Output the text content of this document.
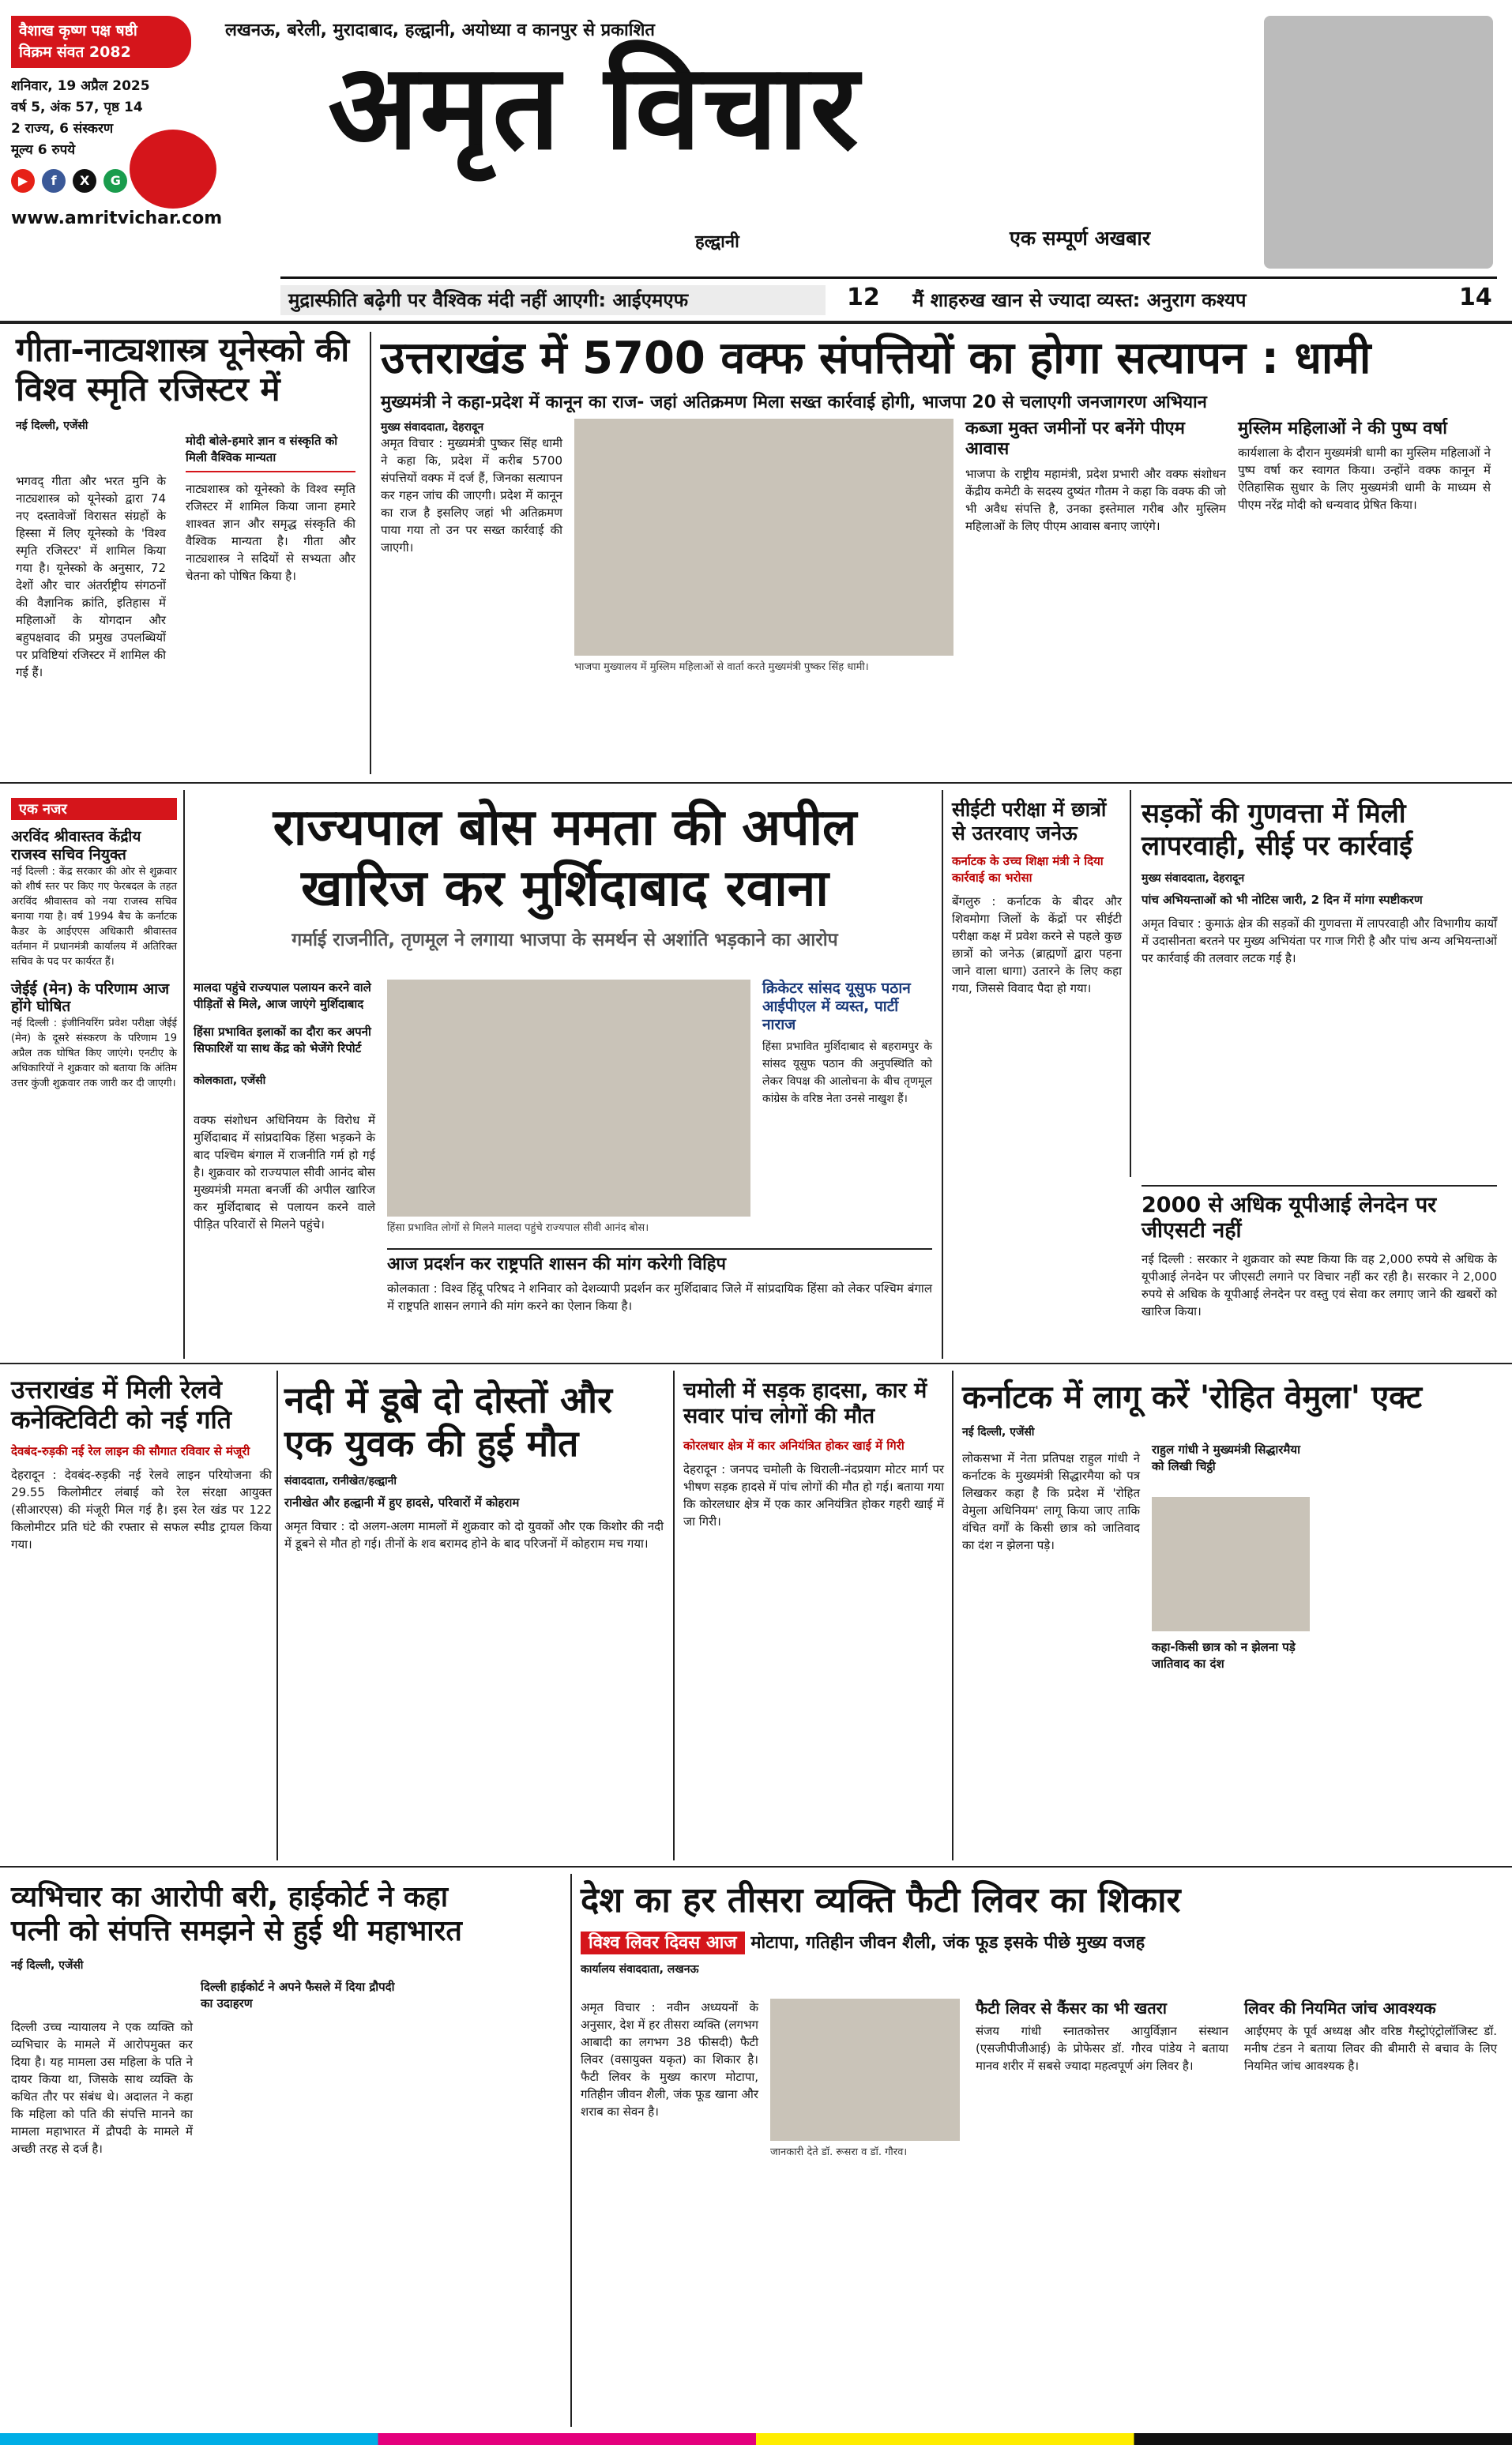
वैशाख कृष्ण पक्ष षष्ठी
विक्रम संवत 2082
शनिवार, 19 अप्रैल 2025
वर्ष 5, अंक 57, पृष्ठ 14
2 राज्य, 6 संस्करण
मूल्य 6 रुपये
▶ f X G
www.amritvichar.com
लखनऊ, बरेली, मुरादाबाद, हल्द्वानी, अयोध्या व कानपुर से प्रकाशित
अमृत विचार
हल्द्वानी	एक सम्पूर्ण अखबार
मुद्रास्फीति बढ़ेगी पर वैश्विक मंदी नहीं आएगी: आईएमएफ	12	मैं शाहरुख खान से ज्यादा व्यस्त: अनुराग कश्यप	14
गीता-नाट्यशास्त्र यूनेस्को की विश्व स्मृति रजिस्टर में
नई दिल्ली, एजेंसी
भगवद् गीता और भरत मुनि के नाट्यशास्त्र को यूनेस्को द्वारा 74 नए दस्तावेजों विरासत संग्रहों के हिस्सा में लिए यूनेस्को के 'विश्व स्मृति रजिस्टर' में शामिल किया गया है। यूनेस्को के अनुसार, 72 देशों और चार अंतर्राष्ट्रीय संगठनों की वैज्ञानिक क्रांति, इतिहास में महिलाओं के योगदान और बहुपक्षवाद की प्रमुख उपलब्धियों पर प्रविष्टियां रजिस्टर में शामिल की गई हैं।
मोदी बोले-हमारे ज्ञान व संस्कृति को मिली वैश्विक मान्यता
नाट्यशास्त्र को यूनेस्को के विश्व स्मृति रजिस्टर में शामिल किया जाना हमारे शाश्वत ज्ञान और समृद्ध संस्कृति की वैश्विक मान्यता है। गीता और नाट्यशास्त्र ने सदियों से सभ्यता और चेतना को पोषित किया है।
उत्तराखंड में 5700 वक्फ संपत्तियों का होगा सत्यापन : धामी
मुख्यमंत्री ने कहा-प्रदेश में कानून का राज- जहां अतिक्रमण मिला सख्त कार्रवाई होगी, भाजपा 20 से चलाएगी जनजागरण अभियान
मुख्य संवाददाता, देहरादून
अमृत विचार : मुख्यमंत्री पुष्कर सिंह धामी ने कहा कि, प्रदेश में करीब 5700 संपत्तियों वक्फ में दर्ज हैं, जिनका सत्यापन कर गहन जांच की जाएगी। प्रदेश में कानून का राज है इसलिए जहां भी अतिक्रमण पाया गया तो उन पर सख्त कार्रवाई की जाएगी।
भाजपा मुख्यालय में मुस्लिम महिलाओं से वार्ता करते मुख्यमंत्री पुष्कर सिंह धामी।
कब्जा मुक्त जमीनों पर बनेंगे पीएम आवास
भाजपा के राष्ट्रीय महामंत्री, प्रदेश प्रभारी और वक्फ संशोधन केंद्रीय कमेटी के सदस्य दुष्यंत गौतम ने कहा कि वक्फ की जो भी अवैध संपत्ति है, उनका इस्तेमाल गरीब और मुस्लिम महिलाओं के लिए पीएम आवास बनाए जाएंगे।
मुस्लिम महिलाओं ने की पुष्प वर्षा
कार्यशाला के दौरान मुख्यमंत्री धामी का मुस्लिम महिलाओं ने पुष्प वर्षा कर स्वागत किया। उन्होंने वक्फ कानून में ऐतिहासिक सुधार के लिए मुख्यमंत्री धामी के माध्यम से पीएम नरेंद्र मोदी को धन्यवाद प्रेषित किया।
एक नजर
अरविंद श्रीवास्तव केंद्रीय राजस्व सचिव नियुक्त
नई दिल्ली : केंद्र सरकार की ओर से शुक्रवार को शीर्ष स्तर पर किए गए फेरबदल के तहत अरविंद श्रीवास्तव को नया राजस्व सचिव बनाया गया है। वर्ष 1994 बैच के कर्नाटक कैडर के आईएएस अधिकारी श्रीवास्तव वर्तमान में प्रधानमंत्री कार्यालय में अतिरिक्त सचिव के पद पर कार्यरत हैं।
जेईई (मेन) के परिणाम आज होंगे घोषित
नई दिल्ली : इंजीनियरिंग प्रवेश परीक्षा जेईई (मेन) के दूसरे संस्करण के परिणाम 19 अप्रैल तक घोषित किए जाएंगे। एनटीए के अधिकारियों ने शुक्रवार को बताया कि अंतिम उत्तर कुंजी शुक्रवार तक जारी कर दी जाएगी।
राज्यपाल बोस ममता की अपील
खारिज कर मुर्शिदाबाद रवाना
गर्माई राजनीति, तृणमूल ने लगाया भाजपा के समर्थन से अशांति भड़काने का आरोप
मालदा पहुंचे राज्यपाल पलायन करने वाले पीड़ितों से मिले, आज जाएंगे मुर्शिदाबाद
हिंसा प्रभावित इलाकों का दौरा कर अपनी सिफारिशें या साथ केंद्र को भेजेंगे रिपोर्ट
कोलकाता, एजेंसी
वक्फ संशोधन अधिनियम के विरोध में मुर्शिदाबाद में सांप्रदायिक हिंसा भड़कने के बाद पश्चिम बंगाल में राजनीति गर्म हो गई है। शुक्रवार को राज्यपाल सीवी आनंद बोस मुख्यमंत्री ममता बनर्जी की अपील खारिज कर मुर्शिदाबाद से पलायन करने वाले पीड़ित परिवारों से मिलने पहुंचे।	हिंसा प्रभावित लोगों से मिलने मालदा पहुंचे राज्यपाल सीवी आनंद बोस।
क्रिकेटर सांसद यूसुफ पठान आईपीएल में व्यस्त, पार्टी नाराज
हिंसा प्रभावित मुर्शिदाबाद से बहरामपुर के सांसद यूसुफ पठान की अनुपस्थिति को लेकर विपक्ष की आलोचना के बीच तृणमूल कांग्रेस के वरिष्ठ नेता उनसे नाखुश हैं।
आज प्रदर्शन कर राष्ट्रपति शासन की मांग करेगी विहिप
कोलकाता : विश्व हिंदू परिषद ने शनिवार को देशव्यापी प्रदर्शन कर मुर्शिदाबाद जिले में सांप्रदायिक हिंसा को लेकर पश्चिम बंगाल में राष्ट्रपति शासन लगाने की मांग करने का ऐलान किया है।
सीईटी परीक्षा में छात्रों से उतरवाए जनेऊ
कर्नाटक के उच्च शिक्षा मंत्री ने दिया कार्रवाई का भरोसा
बेंगलुरु : कर्नाटक के बीदर और शिवमोगा जिलों के केंद्रों पर सीईटी परीक्षा कक्ष में प्रवेश करने से पहले कुछ छात्रों को जनेऊ (ब्राह्मणों द्वारा पहना जाने वाला धागा) उतारने के लिए कहा गया, जिससे विवाद पैदा हो गया।
सड़कों की गुणवत्ता में मिली लापरवाही, सीई पर कार्रवाई
मुख्य संवाददाता, देहरादून
पांच अभियन्ताओं को भी नोटिस जारी, 2 दिन में मांगा स्पष्टीकरण
अमृत विचार : कुमाऊं क्षेत्र की सड़कों की गुणवत्ता में लापरवाही और विभागीय कार्यों में उदासीनता बरतने पर मुख्य अभियंता पर गाज गिरी है और पांच अन्य अभियन्ताओं पर कार्रवाई की तलवार लटक गई है।
2000 से अधिक यूपीआई लेनदेन पर जीएसटी नहीं
नई दिल्ली : सरकार ने शुक्रवार को स्पष्ट किया कि वह 2,000 रुपये से अधिक के यूपीआई लेनदेन पर जीएसटी लगाने पर विचार नहीं कर रही है। सरकार ने 2,000 रुपये से अधिक के यूपीआई लेनदेन पर वस्तु एवं सेवा कर लगाए जाने की खबरों को खारिज किया।
उत्तराखंड में मिली रेलवे कनेक्टिविटी को नई गति
देवबंद-रुड़की नई रेल लाइन की सौगात रविवार से मंजूरी
देहरादून : देवबंद-रुड़की नई रेलवे लाइन परियोजना की 29.55 किलोमीटर लंबाई को रेल संरक्षा आयुक्त (सीआरएस) की मंजूरी मिल गई है। इस रेल खंड पर 122 किलोमीटर प्रति घंटे की रफ्तार से सफल स्पीड ट्रायल किया गया।
नदी में डूबे दो दोस्तों और एक युवक की हुई मौत
संवाददाता, रानीखेत/हल्द्वानी
रानीखेत और हल्द्वानी में हुए हादसे, परिवारों में कोहराम
अमृत विचार : दो अलग-अलग मामलों में शुक्रवार को दो युवकों और एक किशोर की नदी में डूबने से मौत हो गई। तीनों के शव बरामद होने के बाद परिजनों में कोहराम मच गया।
चमोली में सड़क हादसा, कार में सवार पांच लोगों की मौत
कोरलधार क्षेत्र में कार अनियंत्रित होकर खाई में गिरी
देहरादून : जनपद चमोली के थिराली-नंदप्रयाग मोटर मार्ग पर भीषण सड़क हादसे में पांच लोगों की मौत हो गई। बताया गया कि कोरलधार क्षेत्र में एक कार अनियंत्रित होकर गहरी खाई में जा गिरी।
कर्नाटक में लागू करें 'रोहित वेमुला' एक्ट
नई दिल्ली, एजेंसी
राहुल गांधी ने मुख्यमंत्री सिद्धारमैया को लिखी चिट्ठी
कहा-किसी छात्र को न झेलना पड़े जातिवाद का दंश
लोकसभा में नेता प्रतिपक्ष राहुल गांधी ने कर्नाटक के मुख्यमंत्री सिद्धारमैया को पत्र लिखकर कहा है कि प्रदेश में 'रोहित वेमुला अधिनियम' लागू किया जाए ताकि वंचित वर्गों के किसी छात्र को जातिवाद का दंश न झेलना पड़े।
व्यभिचार का आरोपी बरी, हाईकोर्ट ने कहा
पत्नी को संपत्ति समझने से हुई थी महाभारत
नई दिल्ली, एजेंसी
दिल्ली हाईकोर्ट ने अपने फैसले में दिया द्रौपदी का उदाहरण
दिल्ली उच्च न्यायालय ने एक व्यक्ति को व्यभिचार के मामले में आरोपमुक्त कर दिया है। यह मामला उस महिला के पति ने दायर किया था, जिसके साथ व्यक्ति के कथित तौर पर संबंध थे। अदालत ने कहा कि महिला को पति की संपत्ति मानने का मामला महाभारत में द्रौपदी के मामले में अच्छी तरह से दर्ज है।
देश का हर तीसरा व्यक्ति फैटी लिवर का शिकार
विश्व लिवर दिवस आज मोटापा, गतिहीन जीवन शैली, जंक फूड इसके पीछे मुख्य वजह
कार्यालय संवाददाता, लखनऊ
अमृत विचार : नवीन अध्ययनों के अनुसार, देश में हर तीसरा व्यक्ति (लगभग आबादी का लगभग 38 फीसदी) फैटी लिवर (वसायुक्त यकृत) का शिकार है। फैटी लिवर के मुख्य कारण मोटापा, गतिहीन जीवन शैली, जंक फूड खाना और शराब का सेवन है।
जानकारी देते डॉ. रूसरा व डॉ. गौरव।
फैटी लिवर से कैंसर का भी खतरा
संजय गांधी स्नातकोत्तर आयुर्विज्ञान संस्थान (एसजीपीजीआई) के प्रोफेसर डॉ. गौरव पांडेय ने बताया मानव शरीर में सबसे ज्यादा महत्वपूर्ण अंग लिवर है।
लिवर की नियमित जांच आवश्यक
आईएमए के पूर्व अध्यक्ष और वरिष्ठ गैस्ट्रोएंट्रोलॉजिस्ट डॉ. मनीष टंडन ने बताया लिवर की बीमारी से बचाव के लिए नियमित जांच आवश्यक है।
